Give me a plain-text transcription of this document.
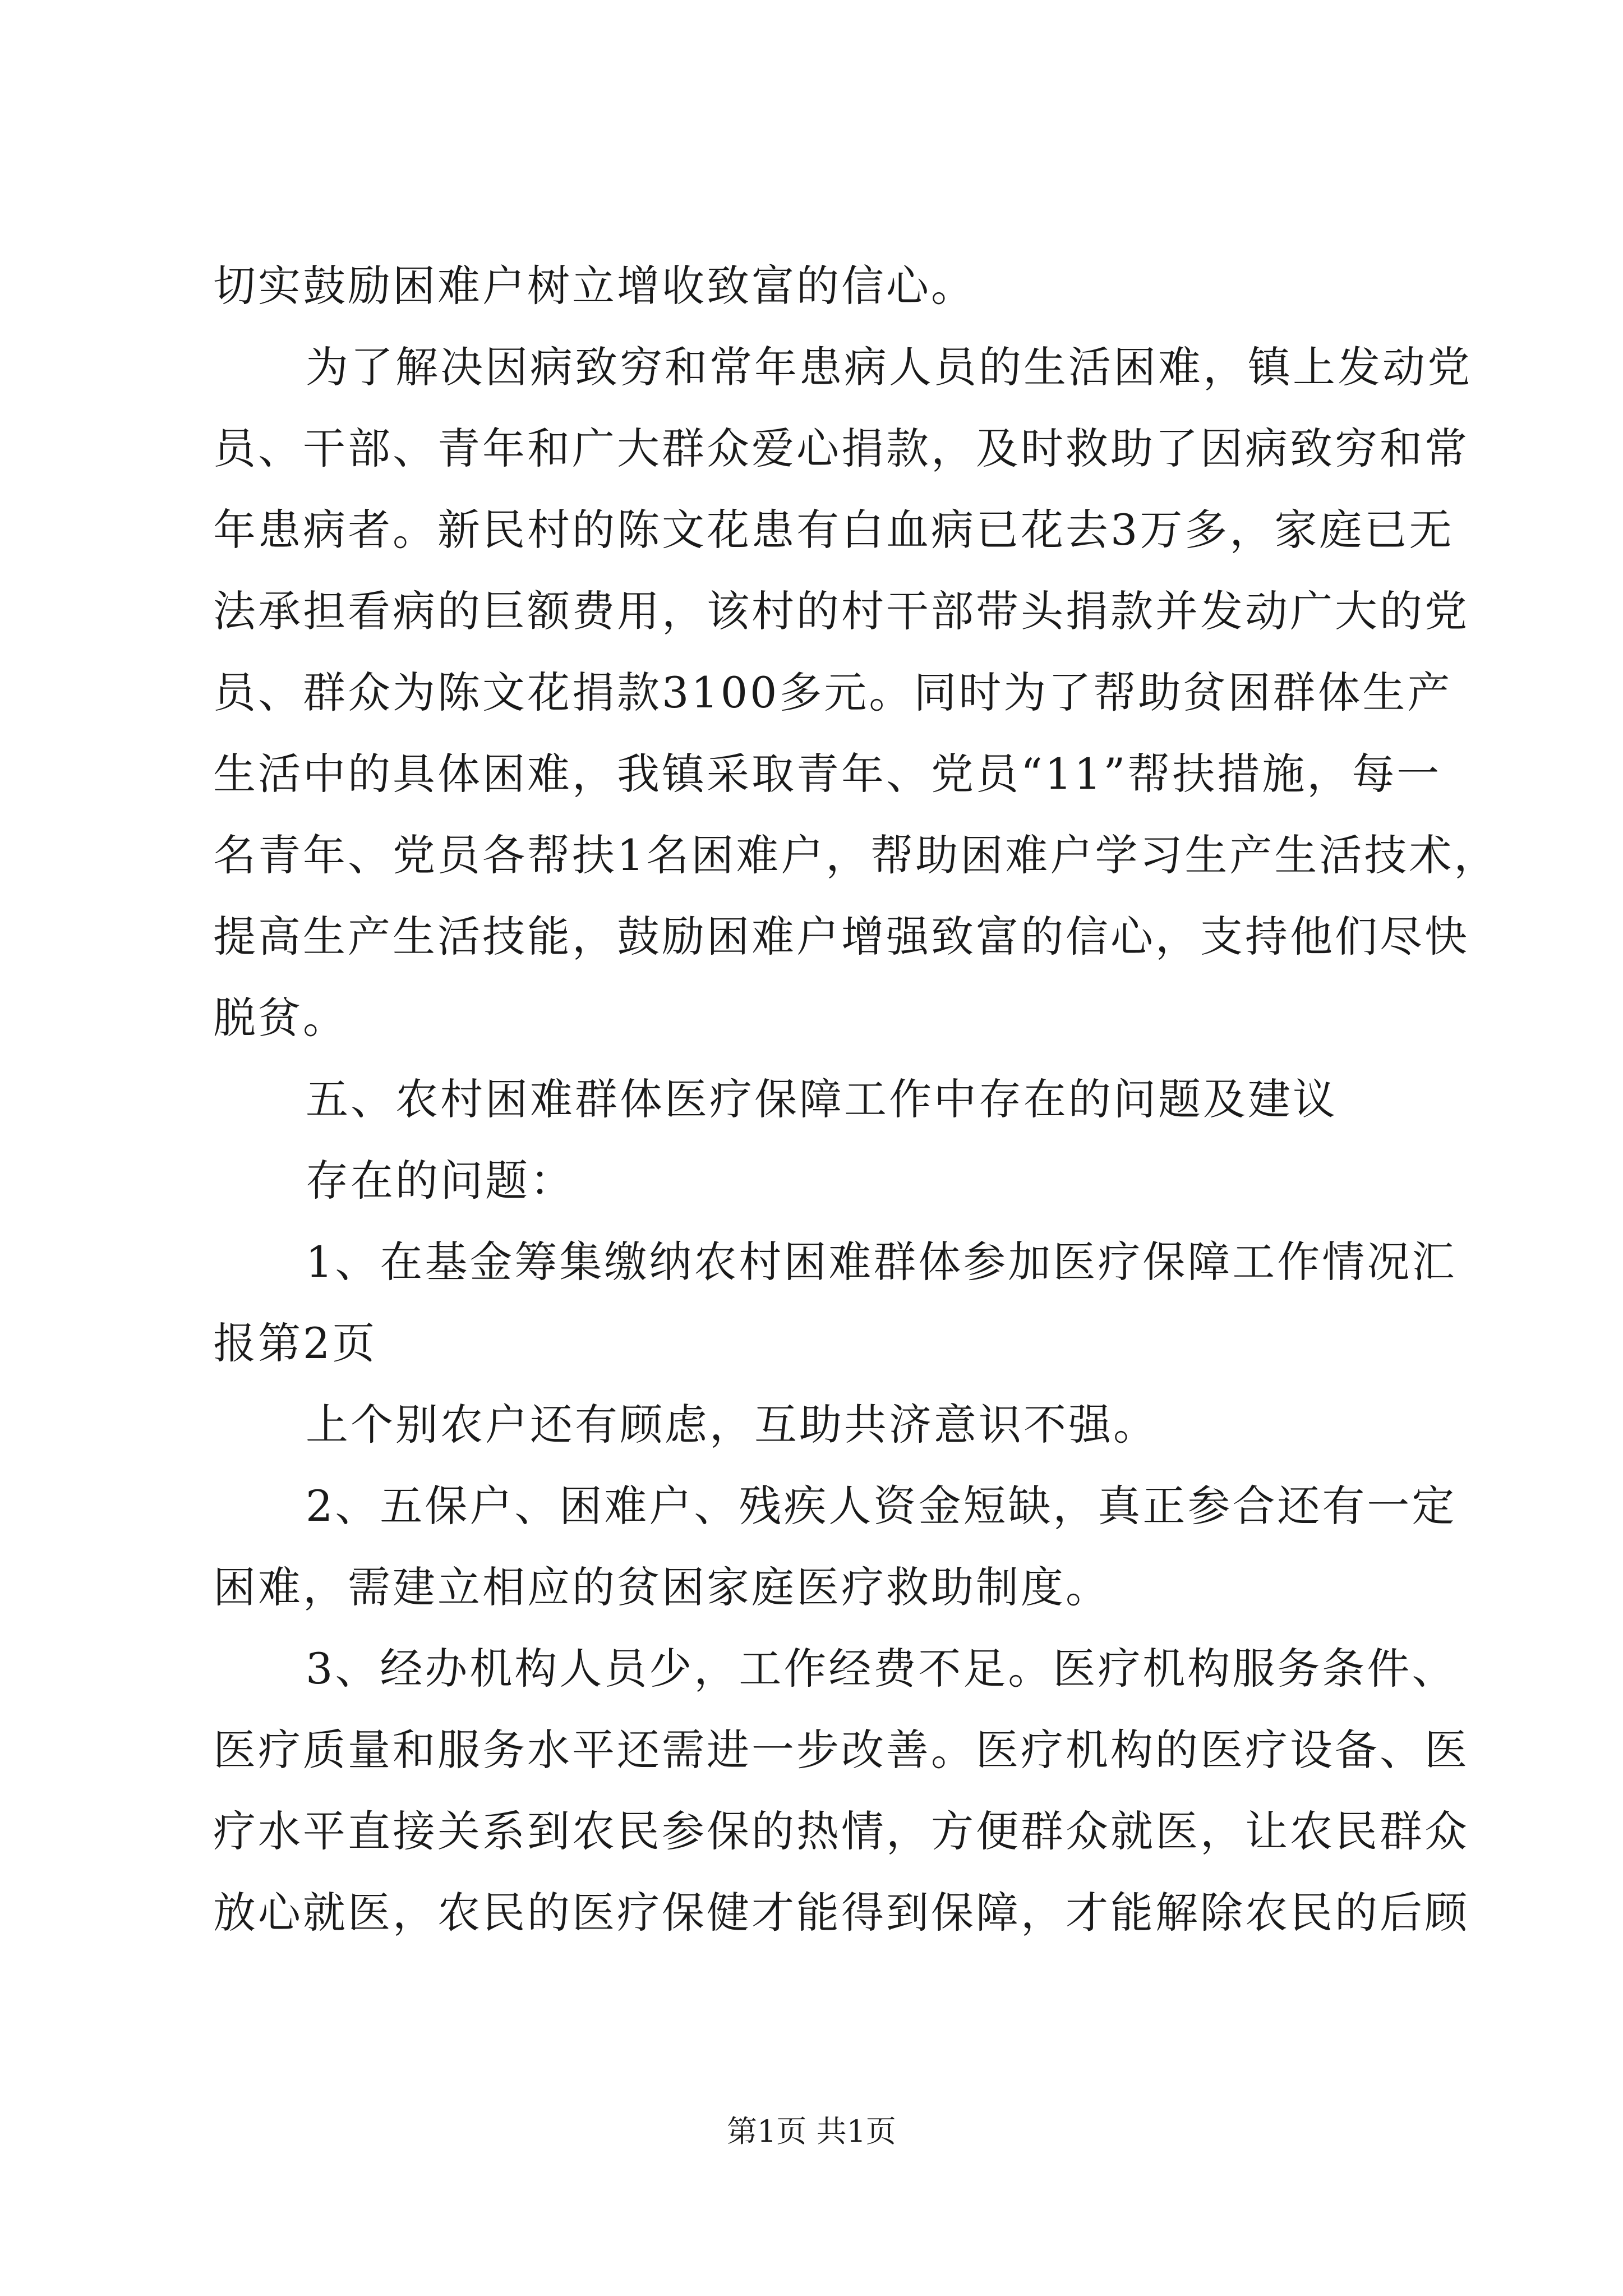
切实鼓励困难户树立增收致富的信心。
为了解决因病致穷和常年患病人员的生活困难，镇上发动党
员、干部、青年和广大群众爱心捐款，及时救助了因病致穷和常
年患病者。新民村的陈文花患有白血病已花去3万多，家庭已无
法承担看病的巨额费用，该村的村干部带头捐款并发动广大的党
员、群众为陈文花捐款3100多元。同时为了帮助贫困群体生产
生活中的具体困难，我镇采取青年、党员“11”帮扶措施，每一
名青年、党员各帮扶1名困难户，帮助困难户学习生产生活技术，
提高生产生活技能，鼓励困难户增强致富的信心，支持他们尽快
脱贫。
五、农村困难群体医疗保障工作中存在的问题及建议
存在的问题：
1、在基金筹集缴纳农村困难群体参加医疗保障工作情况汇
报第2页
上个别农户还有顾虑，互助共济意识不强。
2、五保户、困难户、残疾人资金短缺，真正参合还有一定
困难，需建立相应的贫困家庭医疗救助制度。
3、经办机构人员少，工作经费不足。医疗机构服务条件、
医疗质量和服务水平还需进一步改善。医疗机构的医疗设备、医
疗水平直接关系到农民参保的热情，方便群众就医，让农民群众
放心就医，农民的医疗保健才能得到保障，才能解除农民的后顾
第1页 共1页
